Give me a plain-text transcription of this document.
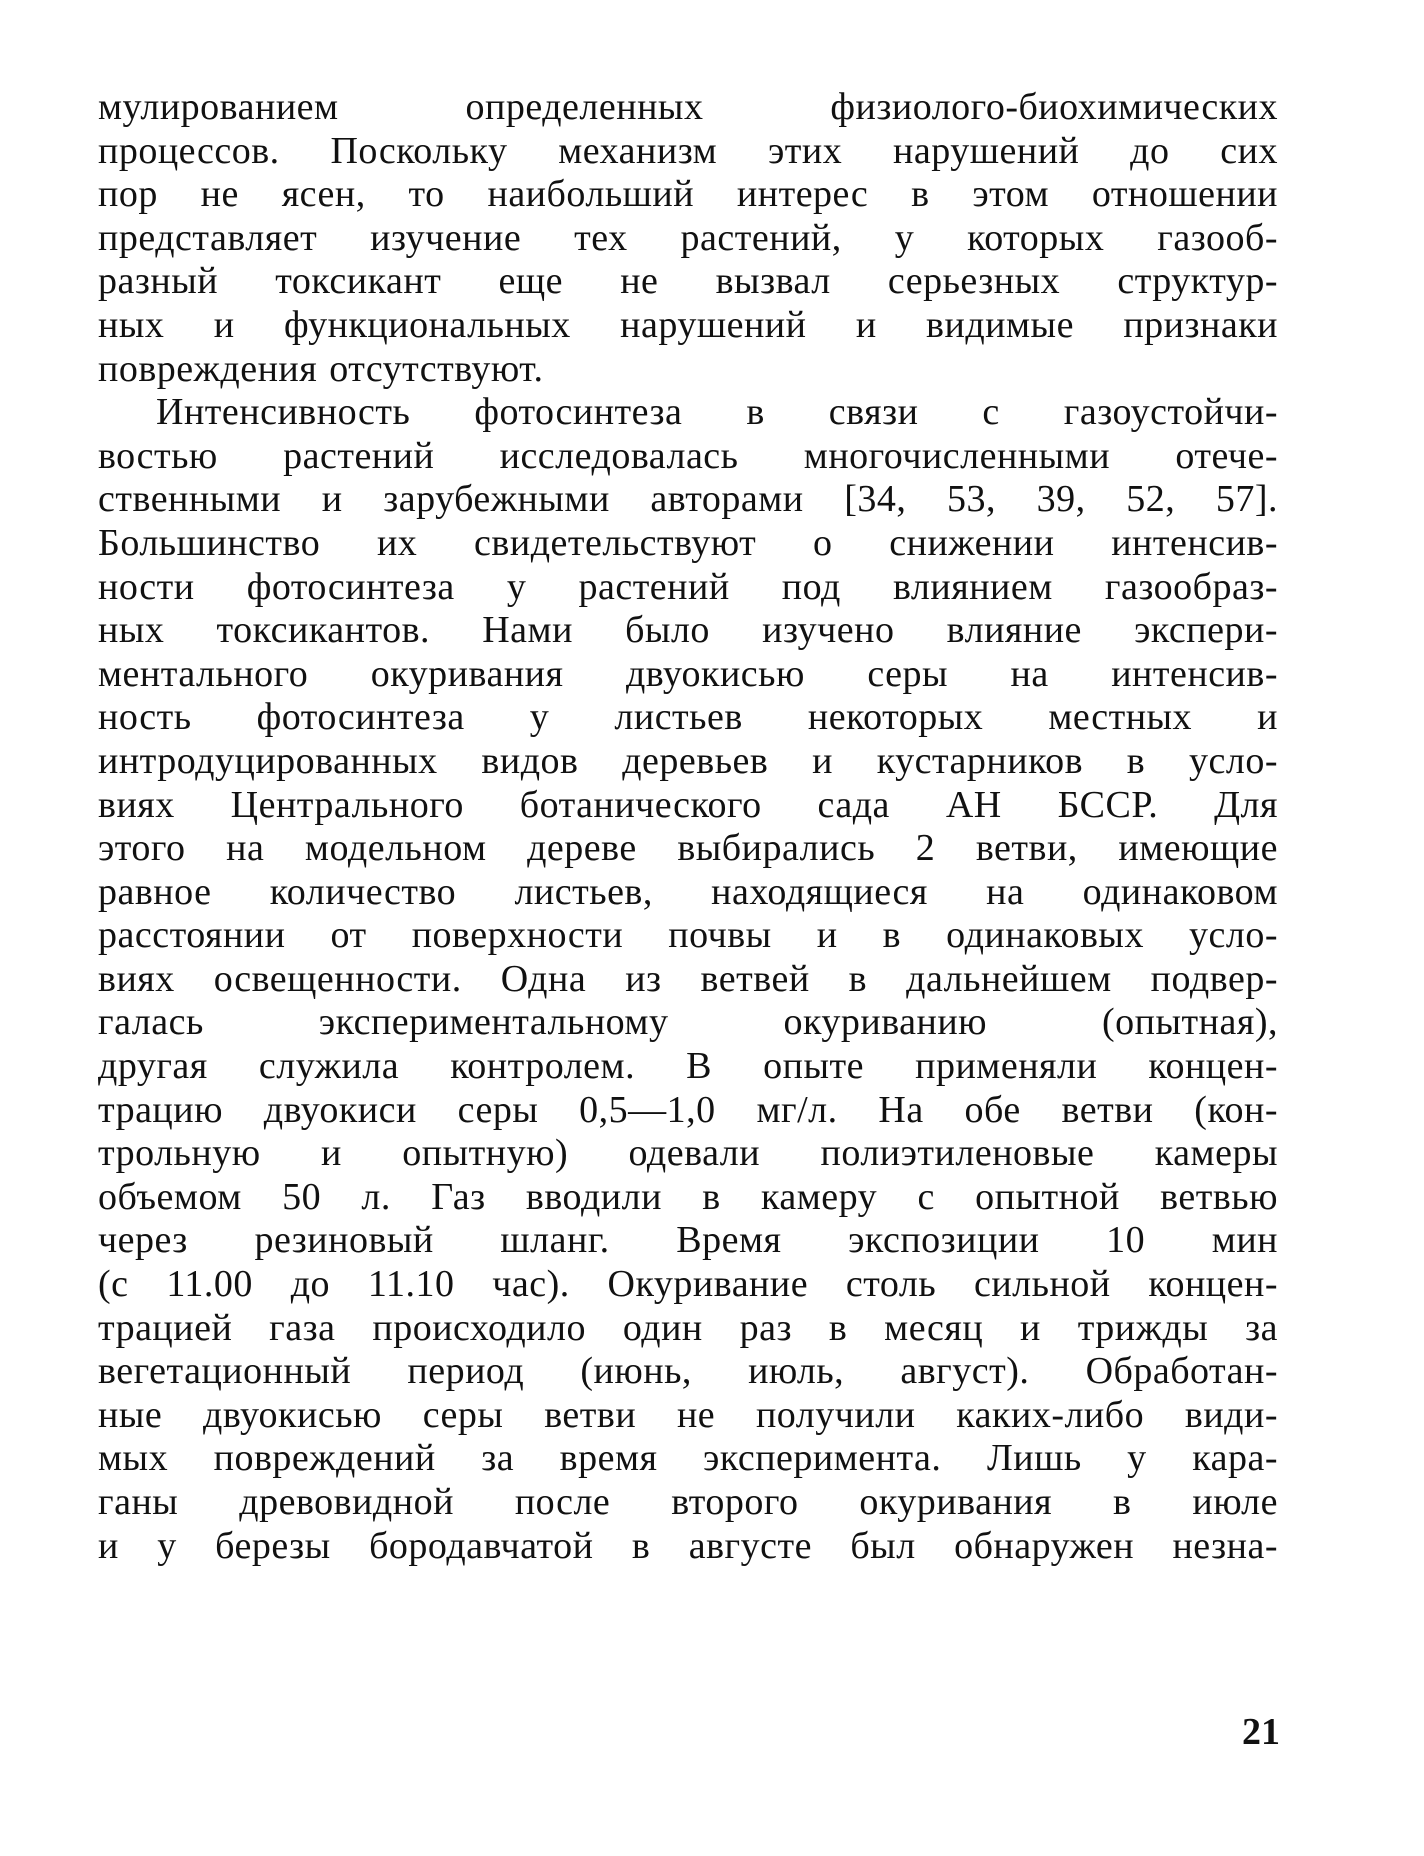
мулированием определенных физиолого-биохимических
процессов. Поскольку механизм этих нарушений до сих
пор не ясен, то наибольший интерес в этом отношении
представляет изучение тех растений, у которых газооб-
разный токсикант еще не вызвал серьезных структур-
ных и функциональных нарушений и видимые признаки
повреждения отсутствуют.
Интенсивность фотосинтеза в связи с газоустойчи-
востью растений исследовалась многочисленными отече-
ственными и зарубежными авторами [34, 53, 39, 52, 57].
Большинство их свидетельствуют о снижении интенсив-
ности фотосинтеза у растений под влиянием газообраз-
ных токсикантов. Нами было изучено влияние экспери-
ментального окуривания двуокисью серы на интенсив-
ность фотосинтеза у листьев некоторых местных и
интродуцированных видов деревьев и кустарников в усло-
виях Центрального ботанического сада АН БССР. Для
этого на модельном дереве выбирались 2 ветви, имеющие
равное количество листьев, находящиеся на одинаковом
расстоянии от поверхности почвы и в одинаковых усло-
виях освещенности. Одна из ветвей в дальнейшем подвер-
галась экспериментальному окуриванию (опытная),
другая служила контролем. В опыте применяли концен-
трацию двуокиси серы 0,5—1,0 мг/л. На обе ветви (кон-
трольную и опытную) одевали полиэтиленовые камеры
объемом 50 л. Газ вводили в камеру с опытной ветвью
через резиновый шланг. Время экспозиции 10 мин
(с 11.00 до 11.10 час). Окуривание столь сильной концен-
трацией газа происходило один раз в месяц и трижды за
вегетационный период (июнь, июль, август). Обработан-
ные двуокисью серы ветви не получили каких-либо види-
мых повреждений за время эксперимента. Лишь у кара-
ганы древовидной после второго окуривания в июле
и у березы бородавчатой в августе был обнаружен незна-
21
